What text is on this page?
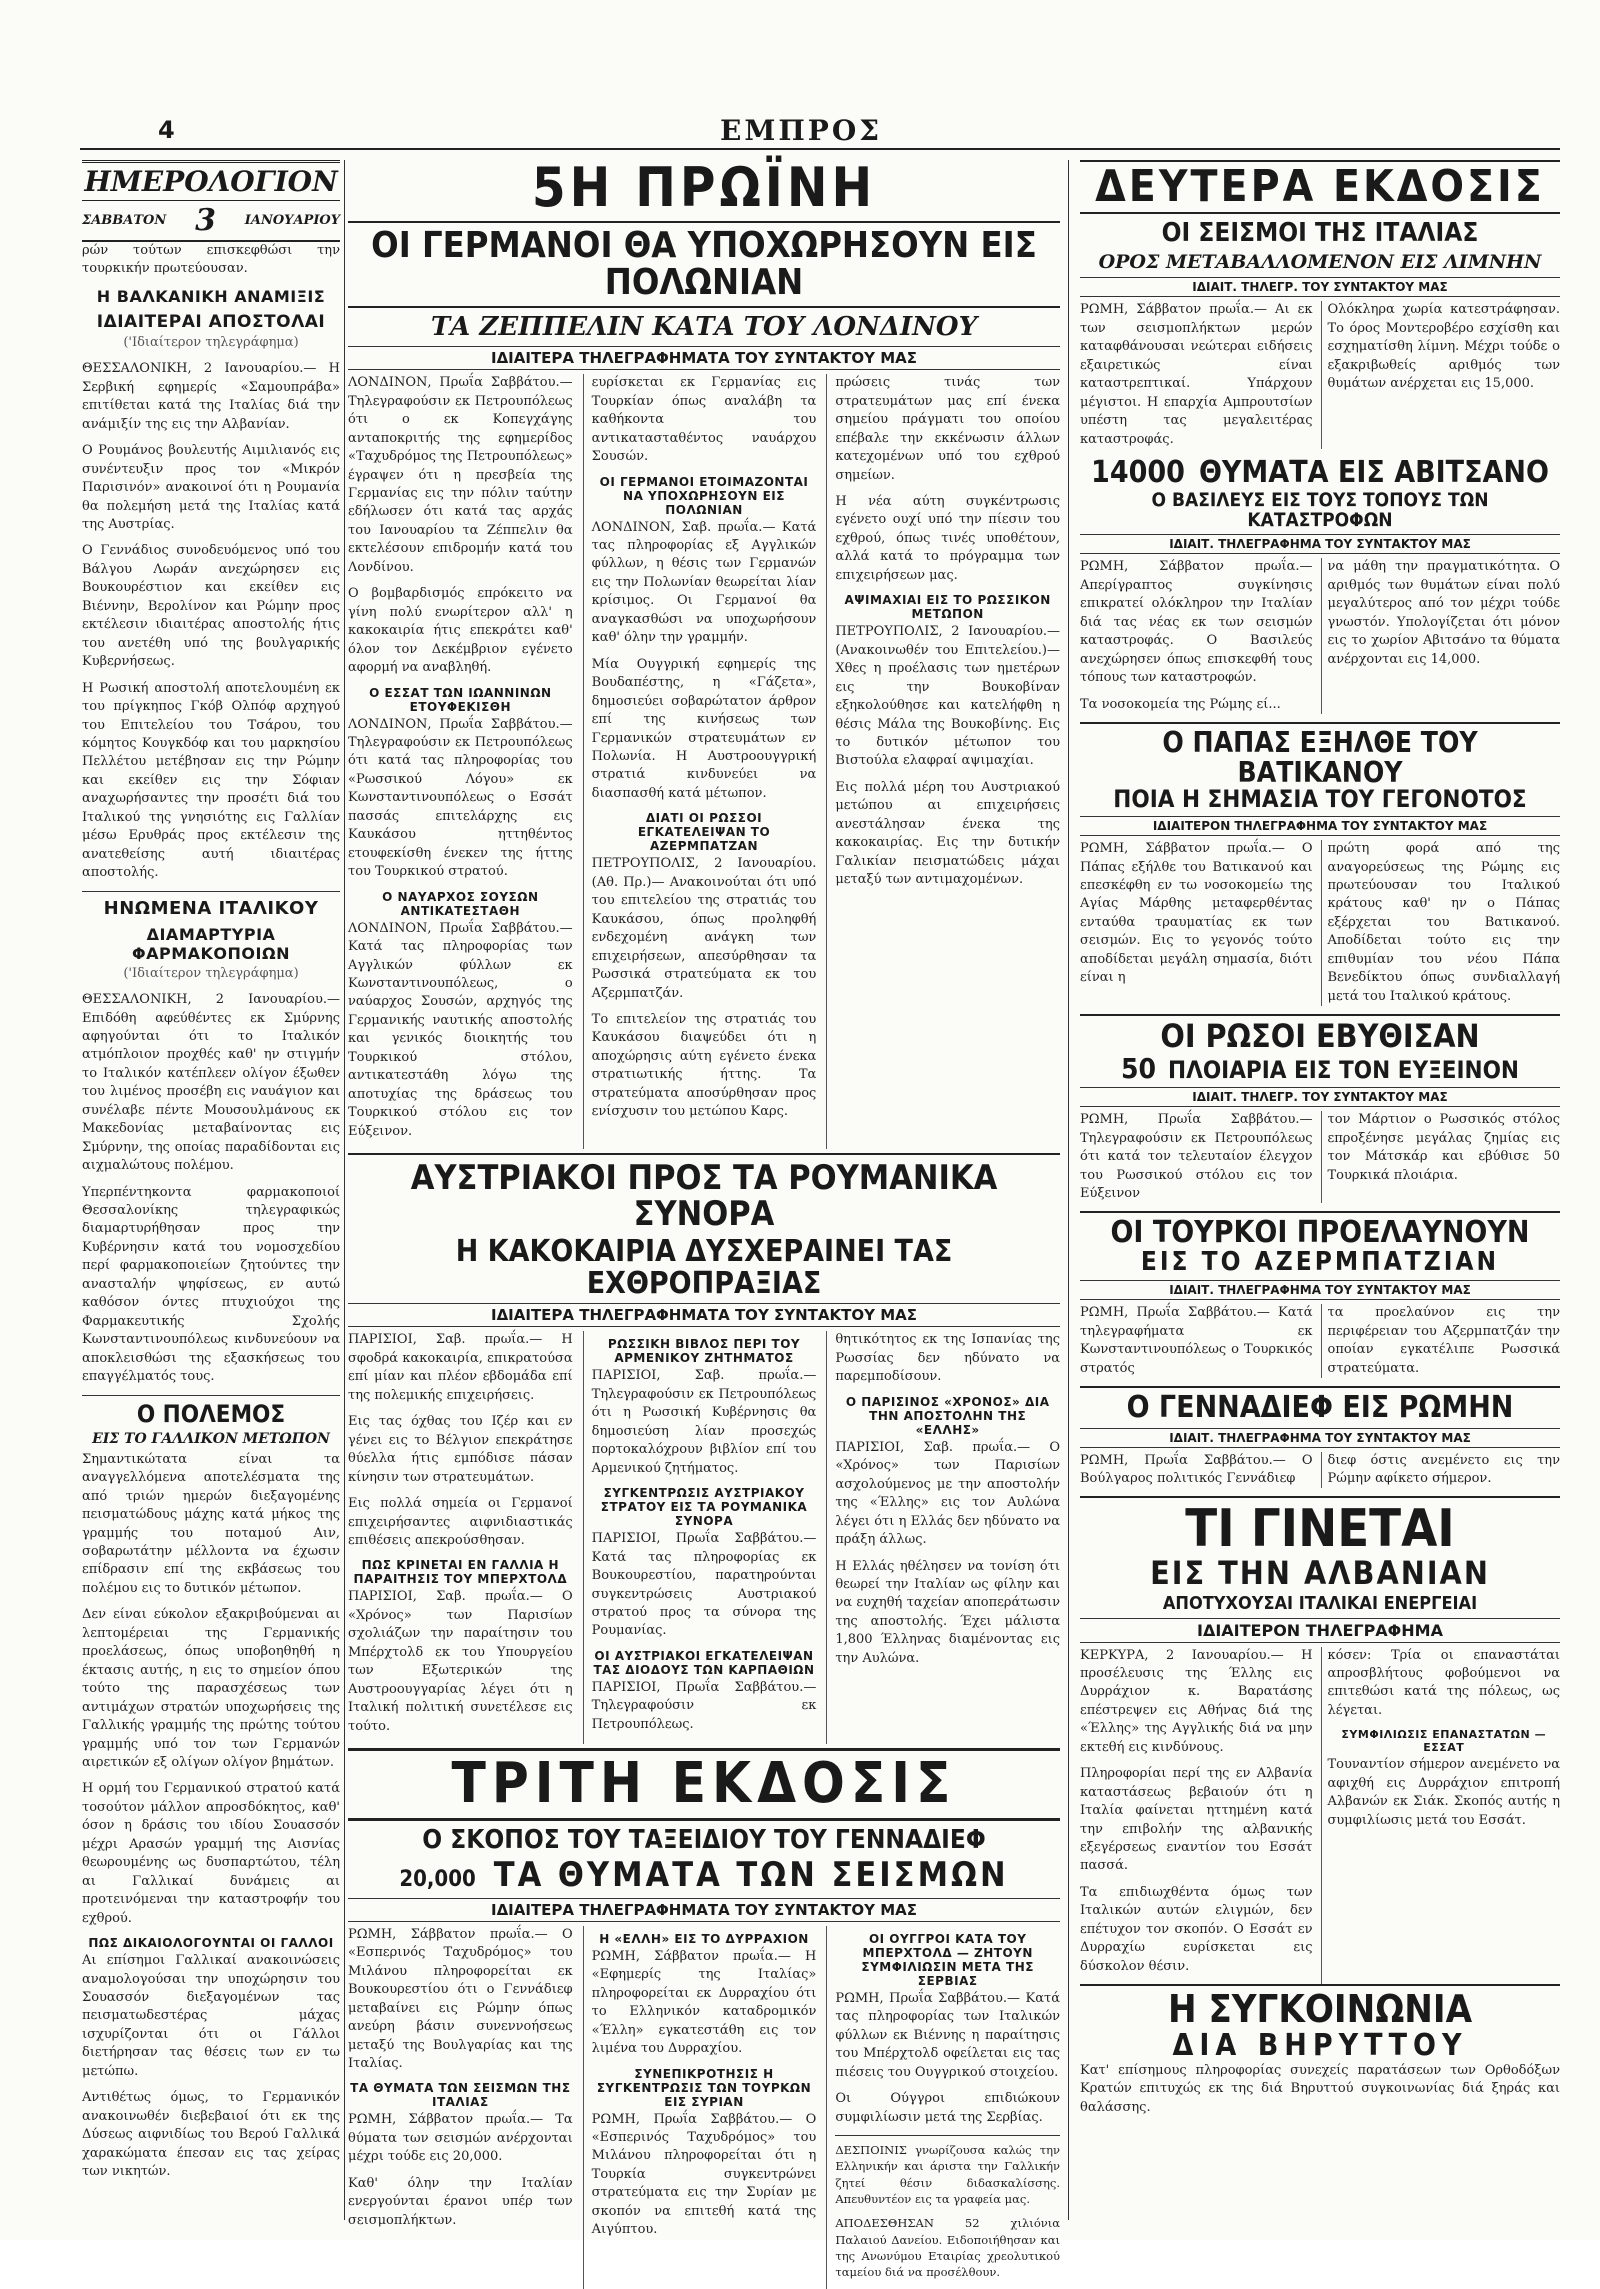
4	ΕΜΠΡΟΣ
ΗΜΕΡΟΛΟΓΙΟΝ
ΣΑΒΒΑΤΟΝ 3 ΙΑΝΟΥΑΡΙΟΥ

ρών τούτων επισκεφθώσι την τουρκικήν πρωτεύουσαν.

Η ΒΑΛΚΑΝΙΚΗ ΑΝΑΜΙΞΙΣ
ΙΔΙΑΙΤΕΡΑΙ ΑΠΟΣΤΟΛΑΙ
('Ιδιαίτερον τηλεγράφημα)

ΘΕΣΣΑΛΟΝΙΚΗ, 2 Ιανουαρίου.— Η Σερβική εφημερίς «Σαμουπράβα» επιτίθεται κατά της Ιταλίας διά την ανάμιξίν της εις την Αλβανίαν.

Ο Ρουμάνος βουλευτής Αιμιλιανός εις συνέντευξιν προς τον «Μικρόν Παρισινόν» ανακοινοί ότι η Ρουμανία θα πολεμήση μετά της Ιταλίας κατά της Αυστρίας.

Ο Γεννάδιος συνοδευόμενος υπό του Βάλγου Λωράν ανεχώρησεν εις Βουκουρέστιον και εκείθεν εις Βιέννην, Βερολίνον και Ρώμην προς εκτέλεσιν ιδιαιτέρας αποστολής ήτις του ανετέθη υπό της βουλγαρικής Κυβερνήσεως.

Η Ρωσική αποστολή αποτελουμένη εκ του πρίγκηπος Γκόβ Ολπόφ αρχηγού του Επιτελείου του Τσάρου, του κόμητος Κουγκδόφ και του μαρκησίου Πελλέτου μετέβησαν εις την Ρώμην και εκείθεν εις την Σόφιαν αναχωρήσαντες την προσέτι διά του Ιταλικού της γνησιότης εις Γαλλίαν μέσω Ερυθράς προς εκτέλεσιν της ανατεθείσης αυτή ιδιαιτέρας αποστολής.

ΗΝΩΜΕΝΑ ΙΤΑΛΙΚΟΥ
ΔΙΑΜΑΡΤΥΡΙΑ ΦΑΡΜΑΚΟΠΟΙΩΝ
('Ιδιαίτερον τηλεγράφημα)

ΘΕΣΣΑΛΟΝΙΚΗ, 2 Ιανουαρίου.— Επιδόθη αφεύθέντες εκ Σμύρνης αφηγούνται ότι το Ιταλικόν ατμόπλοιον προχθές καθ' ην στιγμήν το Ιταλικόν κατέπλεεν ολίγον έξωθεν του λιμένος προσέβη εις ναυάγιον και συνέλαβε πέντε Μουσουλμάνους εκ Μακεδονίας μεταβαίνοντας εις Σμύρνην, της οποίας παραδίδονται εις αιχμαλώτους πολέμου.

Υπερπέντηκοντα φαρμακοποιοί Θεσσαλονίκης τηλεγραφικώς διαμαρτυρήθησαν προς την Κυβέρνησιν κατά του νομοσχεδίου περί φαρμακοποιείων ζητούντες την ανασταλήν ψηφίσεως, εν αυτώ καθόσον όντες πτυχιούχοι της Φαρμακευτικής Σχολής Κωνσταντινουπόλεως κινδυνεύουν να αποκλεισθώσι της εξασκήσεως του επαγγέλματός τους.

Ο ΠΟΛΕΜΟΣ
ΕΙΣ ΤΟ ΓΑΛΛΙΚΟΝ ΜΕΤΩΠΟΝ

Σημαντικώτατα είναι τα αναγγελλόμενα αποτελέσματα της από τριών ημερών διεξαγομένης πεισματώδους μάχης κατά μήκος της γραμμής του ποταμού Αιν, σοβαρωτάτην μέλλοντα να έχωσιν επίδρασιν επί της εκβάσεως του πολέμου εις το δυτικόν μέτωπον.

Δεν είναι εύκολον εξακριβούμεναι αι λεπτομέρειαι της Γερμανικής προελάσεως, όπως υποβοηθηθή η έκτασις αυτής, η εις το σημείον όπου τούτο της παρασχέσεως των αντιμάχων στρατών υποχωρήσεις της Γαλλικής γραμμής της πρώτης τούτου γραμμής υπό τον των Γερμανών αιρετικών εξ ολίγων ολίγον βημάτων.

Η ορμή του Γερμανικού στρατού κατά τοσούτον μάλλον απροσδόκητος, καθ' όσον η δράσις του ιδίου Σουασσόν μέχρι Αρασών γραμμή της Αισνίας θεωρουμένης ως δυσπαρτώτου, τέλη αι Γαλλικαί δυνάμεις αι προτεινόμεναι την καταστροφήν του εχθρού.

ΠΩΣ ΔΙΚΑΙΟΛΟΓΟΥΝΤΑΙ ΟΙ ΓΑΛΛΟΙ

Αι επίσημοι Γαλλικαί ανακοινώσεις αναμολογούσαι την υποχώρησιν του Σουασσόν διεξαγομένων τας πεισματωδεστέρας μάχας ισχυρίζονται ότι οι Γάλλοι διετήρησαν τας θέσεις των εν τω μετώπω.

Αντιθέτως όμως, το Γερμανικόν ανακοινωθέν διεβεβαιοί ότι εκ της Δύσεως αιφνιδίως του Βερού Γαλλικά χαρακώματα έπεσαν εις τας χείρας των νικητών.

5Η ΠΡΩΪΝΗ
ΟΙ ΓΕΡΜΑΝΟΙ ΘΑ ΥΠΟΧΩΡΗΣΟΥΝ ΕΙΣ ΠΟΛΩΝΙΑΝ
ΤΑ ΖΕΠΠΕΛΙΝ ΚΑΤΑ ΤΟΥ ΛΟΝΔΙΝΟΥ
ΙΔΙΑΙΤΕΡΑ ΤΗΛΕΓΡΑΦΗΜΑΤΑ ΤΟΥ ΣΥΝΤΑΚΤΟΥ ΜΑΣ

ΛΟΝΔΙΝΟΝ, Πρωΐα Σαββάτου.— Τηλεγραφούσιν εκ Πετρουπόλεως ότι ο εκ Κοπεγχάγης ανταποκριτής της εφημερίδος «Ταχυδρόμος της Πετρουπόλεως» έγραψεν ότι η πρεσβεία της Γερμανίας εις την πόλιν ταύτην εδήλωσεν ότι κατά τας αρχάς του Ιανουαρίου τα Ζέππελιν θα εκτελέσουν επιδρομήν κατά του Λονδίνου.

Ο βομβαρδισμός επρόκειτο να γίνη πολύ ενωρίτερον αλλ' η κακοκαιρία ήτις επεκράτει καθ' όλον τον Δεκέμβριον εγένετο αφορμή να αναβληθή.

Ο ΕΣΣΑΤ ΤΩΝ ΙΩΑΝΝΙΝΩΝ ΕΤΟΥΦΕΚΙΣΘΗ

ΛΟΝΔΙΝΟΝ, Πρωΐα Σαββάτου.— Τηλεγραφούσιν εκ Πετρουπόλεως ότι κατά τας πληροφορίας του «Ρωσσικού Λόγου» εκ Κωνσταντινουπόλεως ο Εσσάτ πασσάς επιτελάρχης εις Καυκάσου ηττηθέντος ετουφεκίσθη ένεκεν της ήττης του Τουρκικού στρατού.

Ο ΝΑΥΑΡΧΟΣ ΣΟΥΣΩΝ ΑΝΤΙΚΑΤΕΣΤΑΘΗ

ΛΟΝΔΙΝΟΝ, Πρωΐα Σαββάτου.— Κατά τας πληροφορίας των Αγγλικών φύλλων εκ Κωνσταντινουπόλεως, ο ναύαρχος Σουσών, αρχηγός της Γερμανικής ναυτικής αποστολής και γενικός διοικητής του Τουρκικού στόλου, αντικατεστάθη λόγω της αποτυχίας της δράσεως του Τουρκικού στόλου εις τον Εύξεινον.

ευρίσκεται εκ Γερμανίας εις Τουρκίαν όπως αναλάβη τα καθήκοντα του αντικατασταθέντος ναυάρχου Σουσών.

ΟΙ ΓΕΡΜΑΝΟΙ ΕΤΟΙΜΑΖΟΝΤΑΙ ΝΑ ΥΠΟΧΩΡΗΣΟΥΝ ΕΙΣ ΠΟΛΩΝΙΑΝ

ΛΟΝΔΙΝΟΝ, Σαβ. πρωΐα.— Κατά τας πληροφορίας εξ Αγγλικών φύλλων, η θέσις των Γερμανών εις την Πολωνίαν θεωρείται λίαν κρίσιμος. Οι Γερμανοί θα αναγκασθώσι να υποχωρήσουν καθ' όλην την γραμμήν.

Μία Ουγγρική εφημερίς της Βουδαπέστης, η «Γάζετα», δημοσιεύει σοβαρώτατον άρθρον επί της κινήσεως των Γερμανικών στρατευμάτων εν Πολωνία. Η Αυστροουγγρική στρατιά κινδυνεύει να διασπασθή κατά μέτωπον.

ΔΙΑΤΙ ΟΙ ΡΩΣΣΟΙ ΕΓΚΑΤΕΛΕΙΨΑΝ ΤΟ ΑΖΕΡΜΠΑΤΖΑΝ

ΠΕΤΡΟΥΠΟΛΙΣ, 2 Ιανουαρίου. (Αθ. Πρ.)— Ανακοινούται ότι υπό του επιτελείου της στρατιάς του Καυκάσου, όπως προληφθή ενδεχομένη ανάγκη των επιχειρήσεων, απεσύρθησαν τα Ρωσσικά στρατεύματα εκ του Αζερμπατζάν.

Το επιτελείον της στρατιάς του Καυκάσου διαψεύδει ότι η αποχώρησις αύτη εγένετο ένεκα στρατιωτικής ήττης. Τα στρατεύματα αποσύρθησαν προς ενίσχυσιν του μετώπου Καρς.

πρώσεις τινάς των στρατευμάτων μας επί ένεκα σημείου πράγματι του οποίου επέβαλε την εκκένωσιν άλλων κατεχομένων υπό του εχθρού σημείων.

Η νέα αύτη συγκέντρωσις εγένετο ουχί υπό την πίεσιν του εχθρού, όπως τινές υποθέτουν, αλλά κατά το πρόγραμμα των επιχειρήσεων μας.

ΑΨΙΜΑΧΙΑΙ ΕΙΣ ΤΟ ΡΩΣΣΙΚΟΝ ΜΕΤΩΠΟΝ

ΠΕΤΡΟΥΠΟΛΙΣ, 2 Ιανουαρίου.— (Ανακοινωθέν του Επιτελείου.)— Χθες η προέλασις των ημετέρων εις την Βουκοβίναν εξηκολούθησε και κατελήφθη η θέσις Μάλα της Βουκοβίνης. Εις το δυτικόν μέτωπον του Βιστούλα ελαφραί αψιμαχίαι.

Εις πολλά μέρη του Αυστριακού μετώπου αι επιχειρήσεις ανεστάλησαν ένεκα της κακοκαιρίας. Εις την δυτικήν Γαλικίαν πεισματώδεις μάχαι μεταξύ των αντιμαχομένων.

ΑΥΣΤΡΙΑΚΟΙ ΠΡΟΣ ΤΑ ΡΟΥΜΑΝΙΚΑ ΣΥΝΟΡΑ
Η ΚΑΚΟΚΑΙΡΙΑ ΔΥΣΧΕΡΑΙΝΕΙ ΤΑΣ ΕΧΘΡΟΠΡΑΞΙΑΣ
ΙΔΙΑΙΤΕΡΑ ΤΗΛΕΓΡΑΦΗΜΑΤΑ ΤΟΥ ΣΥΝΤΑΚΤΟΥ ΜΑΣ

ΠΑΡΙΣΙΟΙ, Σαβ. πρωΐα.— Η σφοδρά κακοκαιρία, επικρατούσα επί μίαν και πλέον εβδομάδα επί της πολεμικής επιχειρήσεις.

Εις τας όχθας του Ιζέρ και εν γένει εις το Βέλγιον επεκράτησε θύελλα ήτις εμπόδισε πάσαν κίνησιν των στρατευμάτων.

Εις πολλά σημεία οι Γερμανοί επιχειρήσαντες αιφνιδιαστικάς επιθέσεις απεκρούσθησαν.

ΠΩΣ ΚΡΙΝΕΤΑΙ ΕΝ ΓΑΛΛΙΑ Η ΠΑΡΑΙΤΗΣΙΣ ΤΟΥ ΜΠΕΡΧΤΟΛΔ

ΠΑΡΙΣΙΟΙ, Σαβ. πρωΐα.— Ο «Χρόνος» των Παρισίων σχολιάζων την παραίτησιν του Μπέρχτολδ εκ του Υπουργείου των Εξωτερικών της Αυστροουγγαρίας λέγει ότι η Ιταλική πολιτική συνετέλεσε εις τούτο.

ΡΩΣΣΙΚΗ ΒΙΒΛΟΣ ΠΕΡΙ ΤΟΥ ΑΡΜΕΝΙΚΟΥ ΖΗΤΗΜΑΤΟΣ

ΠΑΡΙΣΙΟΙ, Σαβ. πρωΐα.— Τηλεγραφούσιν εκ Πετρουπόλεως ότι η Ρωσσική Κυβέρνησις θα δημοσιεύση λίαν προσεχώς πορτοκαλόχρουν βιβλίον επί του Αρμενικού ζητήματος.

ΣΥΓΚΕΝΤΡΩΣΙΣ ΑΥΣΤΡΙΑΚΟΥ ΣΤΡΑΤΟΥ ΕΙΣ ΤΑ ΡΟΥΜΑΝΙΚΑ ΣΥΝΟΡΑ

ΠΑΡΙΣΙΟΙ, Πρωΐα Σαββάτου.— Κατά τας πληροφορίας εκ Βουκουρεστίου, παρατηρούνται συγκεντρώσεις Αυστριακού στρατού προς τα σύνορα της Ρουμανίας.

ΟΙ ΑΥΣΤΡΙΑΚΟΙ ΕΓΚΑΤΕΛΕΙΨΑΝ ΤΑΣ ΔΙΟΔΟΥΣ ΤΩΝ ΚΑΡΠΑΘΙΩΝ

ΠΑΡΙΣΙΟΙ, Πρωΐα Σαββάτου.— Τηλεγραφούσιν εκ Πετρουπόλεως.

θητικότητος εκ της Ισπανίας της Ρωσσίας δεν ηδύνατο να παρεμποδίσουν.

Ο ΠΑΡΙΣΙΝΟΣ «ΧΡΟΝΟΣ» ΔΙΑ ΤΗΝ ΑΠΟΣΤΟΛΗΝ ΤΗΣ «ΕΛΛΗΣ»

ΠΑΡΙΣΙΟΙ, Σαβ. πρωΐα.— Ο «Χρόνος» των Παρισίων ασχολούμενος με την αποστολήν της «Έλλης» εις τον Αυλώνα λέγει ότι η Ελλάς δεν ηδύνατο να πράξη άλλως.

Η Ελλάς ηθέλησεν να τονίση ότι θεωρεί την Ιταλίαν ως φίλην και να ευχηθή ταχείαν αποπεράτωσιν της αποστολής. Έχει μάλιστα 1,800 Έλληνας διαμένοντας εις την Αυλώνα.

ΤΡΙΤΗ ΕΚΔΟΣΙΣ
Ο ΣΚΟΠΟΣ ΤΟΥ ΤΑΞΕΙΔΙΟΥ ΤΟΥ ΓΕΝΝΑΔΙΕΦ
20,000 ΤΑ ΘΥΜΑΤΑ ΤΩΝ ΣΕΙΣΜΩΝ
ΙΔΙΑΙΤΕΡΑ ΤΗΛΕΓΡΑΦΗΜΑΤΑ ΤΟΥ ΣΥΝΤΑΚΤΟΥ ΜΑΣ

ΡΩΜΗ, Σάββατον πρωΐα.— Ο «Εσπερινός Ταχυδρόμος» του Μιλάνου πληροφορείται εκ Βουκουρεστίου ότι ο Γεννάδιεφ μεταβαίνει εις Ρώμην όπως ανεύρη βάσιν συνεννοήσεως μεταξύ της Βουλγαρίας και της Ιταλίας.

ΤΑ ΘΥΜΑΤΑ ΤΩΝ ΣΕΙΣΜΩΝ ΤΗΣ ΙΤΑΛΙΑΣ

ΡΩΜΗ, Σάββατον πρωΐα.— Τα θύματα των σεισμών ανέρχονται μέχρι τούδε εις 20,000.

Καθ' όλην την Ιταλίαν ενεργούνται έρανοι υπέρ των σεισμοπλήκτων.

Η «ΕΛΛΗ» ΕΙΣ ΤΟ ΔΥΡΡΑΧΙΟΝ

ΡΩΜΗ, Σάββατον πρωΐα.— Η «Εφημερίς της Ιταλίας» πληροφορείται εκ Δυρραχίου ότι το Ελληνικόν καταδρομικόν «Έλλη» εγκατεστάθη εις τον λιμένα του Δυρραχίου.

ΣΥΝΕΠΙΚΡΟΤΗΣΙΣ Η ΣΥΓΚΕΝΤΡΩΣΙΣ ΤΩΝ ΤΟΥΡΚΩΝ ΕΙΣ ΣΥΡΙΑΝ

ΡΩΜΗ, Πρωΐα Σαββάτου.— Ο «Εσπερινός Ταχυδρόμος» του Μιλάνου πληροφορείται ότι η Τουρκία συγκεντρώνει στρατεύματα εις την Συρίαν με σκοπόν να επιτεθή κατά της Αιγύπτου.

ΟΙ ΟΥΓΓΡΟΙ ΚΑΤΑ ΤΟΥ ΜΠΕΡΧΤΟΛΔ — ΖΗΤΟΥΝ ΣΥΜΦΙΛΙΩΣΙΝ ΜΕΤΑ ΤΗΣ ΣΕΡΒΙΑΣ

ΡΩΜΗ, Πρωΐα Σαββάτου.— Κατά τας πληροφορίας των Ιταλικών φύλλων εκ Βιέννης η παραίτησις του Μπέρχτολδ οφείλεται εις τας πιέσεις του Ουγγρικού στοιχείου.

Οι Ούγγροι επιδιώκουν συμφιλίωσιν μετά της Σερβίας.

ΔΕΣΠΟΙΝΙΣ γνωρίζουσα καλώς την Ελληνικήν και άριστα την Γαλλικήν ζητεί θέσιν διδασκαλίσσης. Απευθυντέον εις τα γραφεία μας.

ΑΠΟΔΕΣΘΗΣΑΝ 52 χιλιόνια Παλαιού Δανείου. Ειδοποιήθησαν και της Ανωνύμου Εταιρίας χρεολυτικού ταμείου διά να προσέλθουν.

ΔΕΥΤΕΡΑ ΕΚΔΟΣΙΣ
ΟΙ ΣΕΙΣΜΟΙ ΤΗΣ ΙΤΑΛΙΑΣ
ΟΡΟΣ ΜΕΤΑΒΑΛΛΟΜΕΝΟΝ ΕΙΣ ΛΙΜΝΗΝ
ΙΔΙΑΙΤ. ΤΗΛΕΓΡ. ΤΟΥ ΣΥΝΤΑΚΤΟΥ ΜΑΣ

ΡΩΜΗ, Σάββατον πρωΐα.— Αι εκ των σεισμοπλήκτων μερών καταφθάνουσαι νεώτεραι ειδήσεις εξαιρετικώς είναι καταστρεπτικαί. Υπάρχουν μέγιστοι. Η επαρχία Αμπρουτσίων υπέστη τας μεγαλειτέρας καταστροφάς.

Ολόκληρα χωρία κατεστράφησαν. Το όρος Μοντεροβέρο εσχίσθη και εσχηματίσθη λίμνη. Μέχρι τούδε ο εξακριβωθείς αριθμός των θυμάτων ανέρχεται εις 15,000.

14000 ΘΥΜΑΤΑ ΕΙΣ ΑΒΙΤΣΑΝΟ
Ο ΒΑΣΙΛΕΥΣ ΕΙΣ ΤΟΥΣ ΤΟΠΟΥΣ ΤΩΝ ΚΑΤΑΣΤΡΟΦΩΝ
ΙΔΙΑΙΤ. ΤΗΛΕΓΡΑΦΗΜΑ ΤΟΥ ΣΥΝΤΑΚΤΟΥ ΜΑΣ

ΡΩΜΗ, Σάββατον πρωΐα.— Απερίγραπτος συγκίνησις επικρατεί ολόκληρον την Ιταλίαν διά τας νέας εκ των σεισμών καταστροφάς. Ο Βασιλεύς ανεχώρησεν όπως επισκεφθή τους τόπους των καταστροφών.

Τα νοσοκομεία της Ρώμης εί...

να μάθη την πραγματικότητα. Ο αριθμός των θυμάτων είναι πολύ μεγαλύτερος από τον μέχρι τούδε γνωστόν. Υπολογίζεται ότι μόνον εις το χωρίον Αβιτσάνο τα θύματα ανέρχονται εις 14,000.

Ο ΠΑΠΑΣ ΕΞΗΛΘΕ ΤΟΥ ΒΑΤΙΚΑΝΟΥ
ΠΟΙΑ Η ΣΗΜΑΣΙΑ ΤΟΥ ΓΕΓΟΝΟΤΟΣ
ΙΔΙΑΙΤΕΡΟΝ ΤΗΛΕΓΡΑΦΗΜΑ ΤΟΥ ΣΥΝΤΑΚΤΟΥ ΜΑΣ

ΡΩΜΗ, Σάββατον πρωΐα.— Ο Πάπας εξήλθε του Βατικανού και επεσκέφθη εν τω νοσοκομείω της Αγίας Μάρθης μεταφερθέντας ενταύθα τραυματίας εκ των σεισμών. Εις το γεγονός τούτο αποδίδεται μεγάλη σημασία, διότι είναι η

πρώτη φορά από της αναγορεύσεως της Ρώμης εις πρωτεύουσαν του Ιταλικού κράτους καθ' ην ο Πάπας εξέρχεται του Βατικανού. Αποδίδεται τούτο εις την επιθυμίαν του νέου Πάπα Βενεδίκτου όπως συνδιαλλαγή μετά του Ιταλικού κράτους.

ΟΙ ΡΩΣΟΙ ΕΒΥΘΙΣΑΝ
50 ΠΛΟΙΑΡΙΑ ΕΙΣ ΤΟΝ ΕΥΞΕΙΝΟΝ
ΙΔΙΑΙΤ. ΤΗΛΕΓΡ. ΤΟΥ ΣΥΝΤΑΚΤΟΥ ΜΑΣ

ΡΩΜΗ, Πρωΐα Σαββάτου.— Τηλεγραφούσιν εκ Πετρουπόλεως ότι κατά τον τελευταίον έλεγχον του Ρωσσικού στόλου εις τον Εύξεινον

τον Μάρτιον ο Ρωσσικός στόλος επροξένησε μεγάλας ζημίας εις τον Μάτσκάρ και εβύθισε 50 Τουρκικά πλοιάρια.

ΟΙ ΤΟΥΡΚΟΙ ΠΡΟΕΛΑΥΝΟΥΝ
ΕΙΣ ΤΟ ΑΖΕΡΜΠΑΤΖΙΑΝ
ΙΔΙΑΙΤ. ΤΗΛΕΓΡΑΦΗΜΑ ΤΟΥ ΣΥΝΤΑΚΤΟΥ ΜΑΣ

ΡΩΜΗ, Πρωΐα Σαββάτου.— Κατά τηλεγραφήματα εκ Κωνσταντινουπόλεως ο Τουρκικός στρατός

τα προελαύνον εις την περιφέρειαν του Αζερμπατζάν την οποίαν εγκατέλιπε Ρωσσικά στρατεύματα.

Ο ΓΕΝΝΑΔΙΕΦ ΕΙΣ ΡΩΜΗΝ
ΙΔΙΑΙΤ. ΤΗΛΕΓΡΑΦΗΜΑ ΤΟΥ ΣΥΝΤΑΚΤΟΥ ΜΑΣ

ΡΩΜΗ, Πρωΐα Σαββάτου.— Ο Βούλγαρος πολιτικός Γεννάδιεφ

διεφ όστις ανεμένετο εις την Ρώμην αφίκετο σήμερον.

ΤΙ ΓΙΝΕΤΑΙ
ΕΙΣ ΤΗΝ ΑΛΒΑΝΙΑΝ
ΑΠΟΤΥΧΟΥΣΑΙ ΙΤΑΛΙΚΑΙ ΕΝΕΡΓΕΙΑΙ
ΙΔΙΑΙΤΕΡΟΝ ΤΗΛΕΓΡΑΦΗΜΑ

ΚΕΡΚΥΡΑ, 2 Ιανουαρίου.— Η προσέλευσις της Έλλης εις Δυρράχιον κ. Βαρατάσης επέστρεψεν εις Αθήνας διά της «Έλλης» της Αγγλικής διά να μην εκτεθή εις κινδύνους.

Πληροφορίαι περί της εν Αλβανία καταστάσεως βεβαιούν ότι η Ιταλία φαίνεται ηττημένη κατά την επιβολήν της αλβανικής εξεγέρσεως εναντίον του Εσσάτ πασσά.

Τα επιδιωχθέντα όμως των Ιταλικών αυτών ελιγμών, δεν επέτυχον τον σκοπόν. Ο Εσσάτ εν Δυρραχίω ευρίσκεται εις δύσκολον θέσιν.

κόσεν: Τρία οι επαναστάται απροσβλήτους φοβούμενοι να επιτεθώσι κατά της πόλεως, ως λέγεται.

ΣΥΜΦΙΛΙΩΣΙΣ ΕΠΑΝΑΣΤΑΤΩΝ — ΕΣΣΑΤ

Τουναντίον σήμερον ανεμένετο να αφιχθή εις Δυρράχιον επιτροπή Αλβανών εκ Σιάκ. Σκοπός αυτής η συμφιλίωσις μετά του Εσσάτ.

Η ΣΥΓΚΟΙΝΩΝΙΑ
ΔΙΑ ΒΗΡΥΤΤΟΥ

Κατ' επίσημους πληροφορίας συνεχείς παρατάσεων των Ορθοδόξων Κρατών επιτυχώς εκ της διά Βηρυττού συγκοινωνίας διά ξηράς και θαλάσσης.
